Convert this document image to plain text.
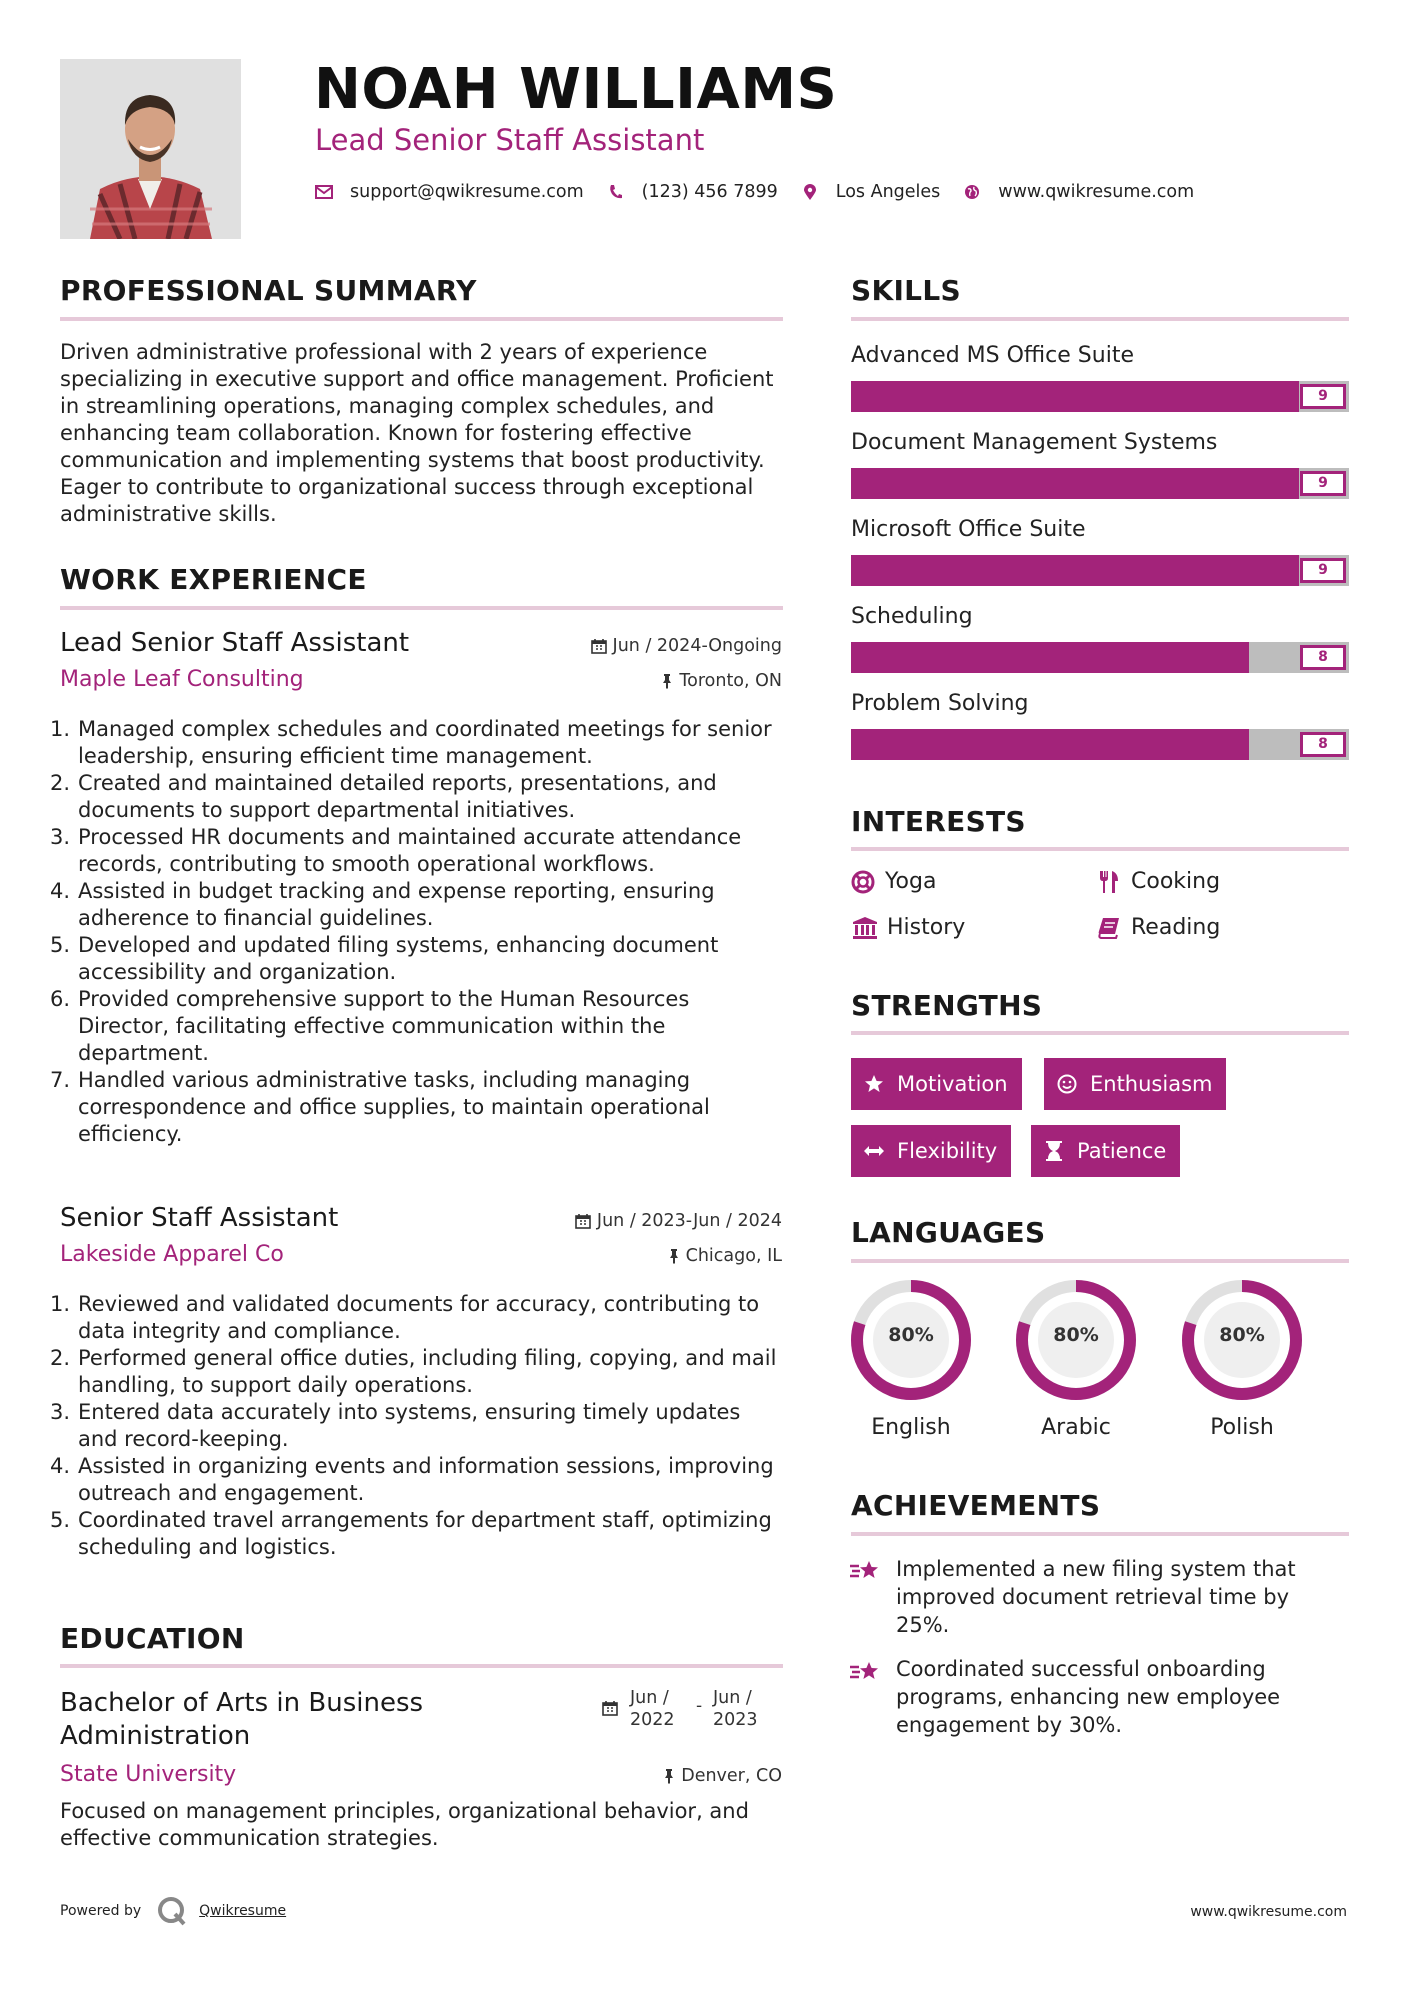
NOAH WILLIAMS
Lead Senior Staff Assistant
support@qwikresume.com	(123) 456 7899	Los Angeles	www.qwikresume.com
PROFESSIONAL SUMMARY
Driven administrative professional with 2 years of experience specializing in executive support and office management. Proficient in streamlining operations, managing complex schedules, and enhancing team collaboration. Known for fostering effective communication and implementing systems that boost productivity. Eager to contribute to organizational success through exceptional administrative skills.
WORK EXPERIENCE
Lead Senior Staff Assistant	Jun / 2024-Ongoing
Maple Leaf Consulting	Toronto, ON
1. Managed complex schedules and coordinated meetings for senior leadership, ensuring efficient time management.
2. Created and maintained detailed reports, presentations, and documents to support departmental initiatives.
3. Processed HR documents and maintained accurate attendance records, contributing to smooth operational workflows.
4. Assisted in budget tracking and expense reporting, ensuring adherence to financial guidelines.
5. Developed and updated filing systems, enhancing document accessibility and organization.
6. Provided comprehensive support to the Human Resources Director, facilitating effective communication within the department.
7. Handled various administrative tasks, including managing correspondence and office supplies, to maintain operational efficiency.
Senior Staff Assistant	Jun / 2023-Jun / 2024
Lakeside Apparel Co	Chicago, IL
1. Reviewed and validated documents for accuracy, contributing to data integrity and compliance.
2. Performed general office duties, including filing, copying, and mail handling, to support daily operations.
3. Entered data accurately into systems, ensuring timely updates and record-keeping.
4. Assisted in organizing events and information sessions, improving outreach and engagement.
5. Coordinated travel arrangements for department staff, optimizing scheduling and logistics.
EDUCATION
Bachelor of Arts in Business
Administration
Jun /
2022
- Jun /
2023
State University	Denver, CO
Focused on management principles, organizational behavior, and effective communication strategies.
SKILLS
Advanced MS Office Suite
9
Document Management Systems
9
Microsoft Office Suite
9
Scheduling
8
Problem Solving
8
INTERESTS
Yoga	Cooking
History	Reading
STRENGTHS
Motivation	Enthusiasm
Flexibility	Patience
LANGUAGES
80%
English
80%
Arabic
80%
Polish
ACHIEVEMENTS
Implemented a new filing system that improved document retrieval time by 25%.
Coordinated successful onboarding programs, enhancing new employee engagement by 30%.
Powered by	Qwikresume	www.qwikresume.com
